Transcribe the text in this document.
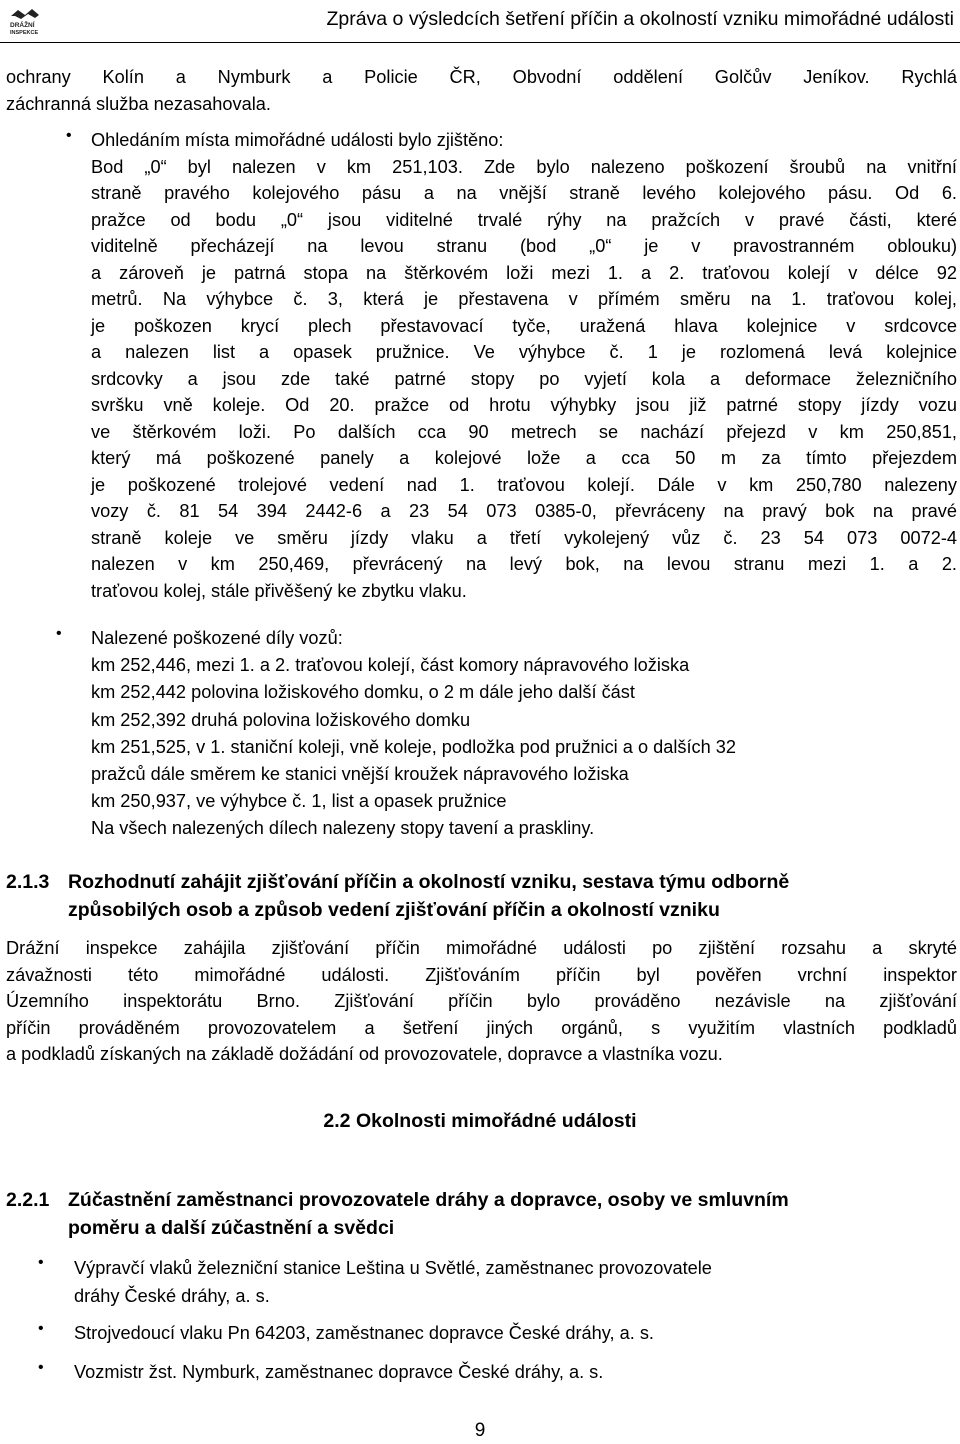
DRÁŽNÍ
INSPEKCE
Zpráva o výsledcích šetření příčin a okolností vzniku mimořádné události
ochrany Kolín a Nymburk a Policie ČR, Obvodní oddělení Golčův Jeníkov. Rychlá
záchranná služba nezasahovala.
• Ohledáním místa mimořádné události bylo zjištěno:
Bod „0“ byl nalezen v km 251,103. Zde bylo nalezeno poškození šroubů na vnitřní
straně pravého kolejového pásu a na vnější straně levého kolejového pásu. Od 6.
pražce od bodu „0“ jsou viditelné trvalé rýhy na pražcích v pravé části, které
viditelně přecházejí na levou stranu (bod „0“ je v pravostranném oblouku)
a zároveň je patrná stopa na štěrkovém loži mezi 1. a 2. traťovou kolejí v délce 92
metrů. Na výhybce č. 3, která je přestavena v přímém směru na 1. traťovou kolej,
je poškozen krycí plech přestavovací tyče, uražená hlava kolejnice v srdcovce
a nalezen list a opasek pružnice. Ve výhybce č. 1 je rozlomená levá kolejnice
srdcovky a jsou zde také patrné stopy po vyjetí kola a deformace železničního
svršku vně koleje. Od 20. pražce od hrotu výhybky jsou již patrné stopy jízdy vozu
ve štěrkovém loži. Po dalších cca 90 metrech se nachází přejezd v km 250,851,
který má poškozené panely a kolejové lože a cca 50 m za tímto přejezdem
je poškozené trolejové vedení nad 1. traťovou kolejí. Dále v km 250,780 nalezeny
vozy č. 81 54 394 2442-6 a 23 54 073 0385-0, převráceny na pravý bok na pravé
straně koleje ve směru jízdy vlaku a třetí vykolejený vůz č. 23 54 073 0072-4
nalezen v km 250,469, převrácený na levý bok, na levou stranu mezi 1. a 2.
traťovou kolej, stále přivěšený ke zbytku vlaku.
• Nalezené poškozené díly vozů:
km 252,446, mezi 1. a 2. traťovou kolejí, část komory nápravového ložiska
km 252,442 polovina ložiskového domku, o 2 m dále jeho další část
km 252,392 druhá polovina ložiskového domku
km 251,525, v 1. staniční koleji, vně koleje, podložka pod pružnici a o dalších 32
pražců dále směrem ke stanici vnější kroužek nápravového ložiska
km 250,937, ve výhybce č. 1, list a opasek pružnice
Na všech nalezených dílech nalezeny stopy tavení a praskliny.
2.1.3 Rozhodnutí zahájit zjišťování příčin a okolností vzniku, sestava týmu odborně
způsobilých osob a způsob vedení zjišťování příčin a okolností vzniku
Drážní inspekce zahájila zjišťování příčin mimořádné události po zjištění rozsahu a skryté
závažnosti této mimořádné události. Zjišťováním příčin byl pověřen vrchní inspektor
Územního inspektorátu Brno. Zjišťování příčin bylo prováděno nezávisle na zjišťování
příčin prováděném provozovatelem a šetření jiných orgánů, s využitím vlastních podkladů
a podkladů získaných na základě dožádání od provozovatele, dopravce a vlastníka vozu.
2.2 Okolnosti mimořádné události
2.2.1 Zúčastnění zaměstnanci provozovatele dráhy a dopravce, osoby ve smluvním
poměru a další zúčastnění a svědci
• Výpravčí vlaků železniční stanice Leština u Světlé, zaměstnanec provozovatele
dráhy České dráhy, a. s.
• Strojvedoucí vlaku Pn 64203, zaměstnanec dopravce České dráhy, a. s.
• Vozmistr žst. Nymburk, zaměstnanec dopravce České dráhy, a. s.
9
